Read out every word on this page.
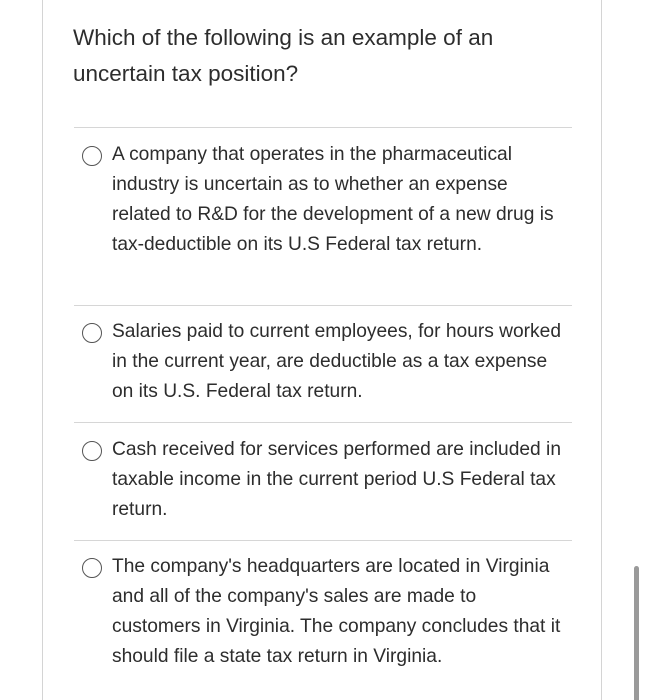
Which of the following is an example of an uncertain tax position?
A company that operates in the pharmaceutical industry is uncertain as to whether an expense related to R&D for the development of a new drug is tax-deductible on its U.S Federal tax return.
Salaries paid to current employees, for hours worked in the current year, are deductible as a tax expense on its U.S. Federal tax return.
Cash received for services performed are included in taxable income in the current period U.S Federal tax return.
The company's headquarters are located in Virginia and all of the company's sales are made to customers in Virginia. The company concludes that it should file a state tax return in Virginia.
